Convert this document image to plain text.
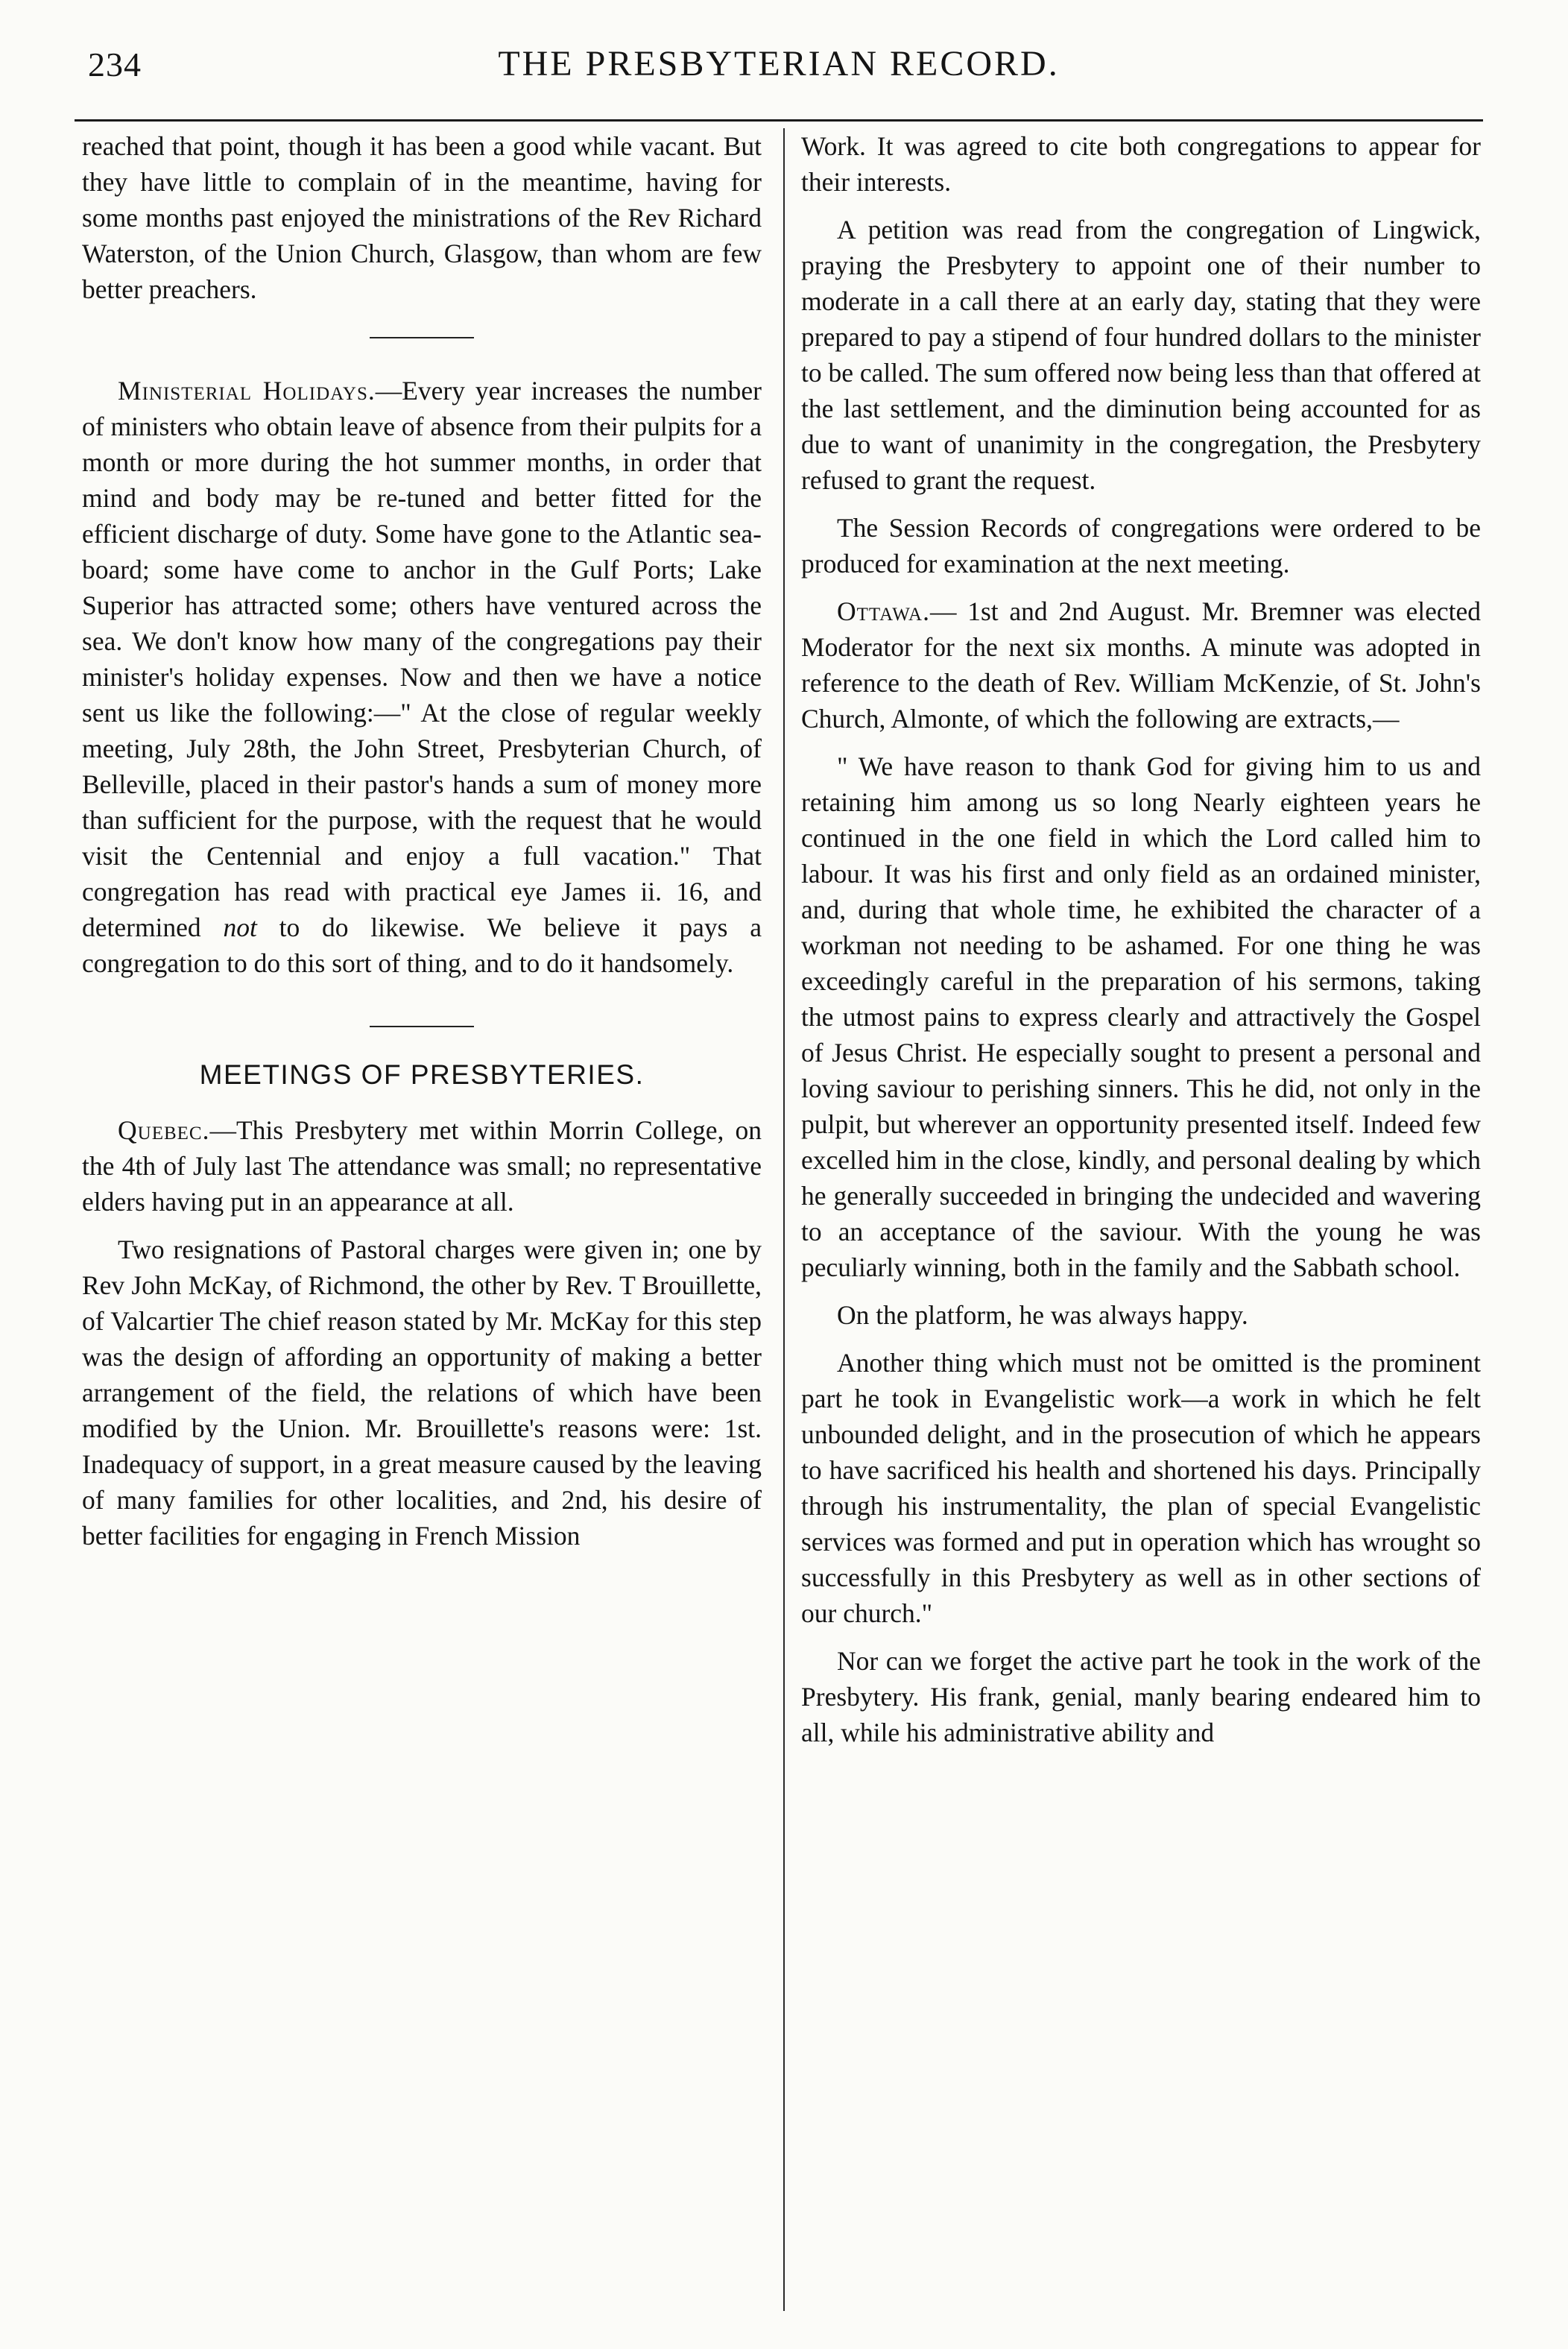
234	THE PRESBYTERIAN RECORD.

reached that point, though it has been a good while vacant. But they have little to complain of in the meantime, having for some months past enjoyed the ministrations of the Rev Richard Waterston, of the Union Church, Glasgow, than whom are few better preachers.

Ministerial Holidays.—Every year increases the number of ministers who obtain leave of absence from their pulpits for a month or more during the hot summer months, in order that mind and body may be re-tuned and better fitted for the efficient discharge of duty. Some have gone to the Atlantic sea-board; some have come to anchor in the Gulf Ports; Lake Superior has attracted some; others have ventured across the sea. We don't know how many of the congregations pay their minister's holiday expenses. Now and then we have a notice sent us like the following:—" At the close of regular weekly meeting, July 28th, the John Street, Presbyterian Church, of Belleville, placed in their pastor's hands a sum of money more than sufficient for the purpose, with the request that he would visit the Centennial and enjoy a full vacation." That congregation has read with practical eye James ii. 16, and determined not to do likewise. We believe it pays a congregation to do this sort of thing, and to do it handsomely.

MEETINGS OF PRESBYTERIES.

Quebec.—This Presbytery met within Morrin College, on the 4th of July last The attendance was small; no representative elders having put in an appearance at all.

Two resignations of Pastoral charges were given in; one by Rev John McKay, of Richmond, the other by Rev. T Brouillette, of Valcartier The chief reason stated by Mr. McKay for this step was the design of affording an opportunity of making a better arrangement of the field, the relations of which have been modified by the Union. Mr. Brouillette's reasons were: 1st. Inadequacy of support, in a great measure caused by the leaving of many families for other localities, and 2nd, his desire of better facilities for engaging in French Mission

Work. It was agreed to cite both congregations to appear for their interests.

A petition was read from the congregation of Lingwick, praying the Presbytery to appoint one of their number to moderate in a call there at an early day, stating that they were prepared to pay a stipend of four hundred dollars to the minister to be called. The sum offered now being less than that offered at the last settlement, and the diminution being accounted for as due to want of unanimity in the congregation, the Presbytery refused to grant the request.

The Session Records of congregations were ordered to be produced for examination at the next meeting.

Ottawa.— 1st and 2nd August. Mr. Bremner was elected Moderator for the next six months. A minute was adopted in reference to the death of Rev. William McKenzie, of St. John's Church, Almonte, of which the following are extracts,—

" We have reason to thank God for giving him to us and retaining him among us so long Nearly eighteen years he continued in the one field in which the Lord called him to labour. It was his first and only field as an ordained minister, and, during that whole time, he exhibited the character of a workman not needing to be ashamed. For one thing he was exceedingly careful in the preparation of his sermons, taking the utmost pains to express clearly and attractively the Gospel of Jesus Christ. He especially sought to present a personal and loving saviour to perishing sinners. This he did, not only in the pulpit, but wherever an opportunity presented itself. Indeed few excelled him in the close, kindly, and personal dealing by which he generally succeeded in bringing the undecided and wavering to an acceptance of the saviour. With the young he was peculiarly winning, both in the family and the Sabbath school.

On the platform, he was always happy.

Another thing which must not be omitted is the prominent part he took in Evangelistic work—a work in which he felt unbounded delight, and in the prosecution of which he appears to have sacrificed his health and shortened his days. Principally through his instrumentality, the plan of special Evangelistic services was formed and put in operation which has wrought so successfully in this Presbytery as well as in other sections of our church."

Nor can we forget the active part he took in the work of the Presbytery. His frank, genial, manly bearing endeared him to all, while his administrative ability and
